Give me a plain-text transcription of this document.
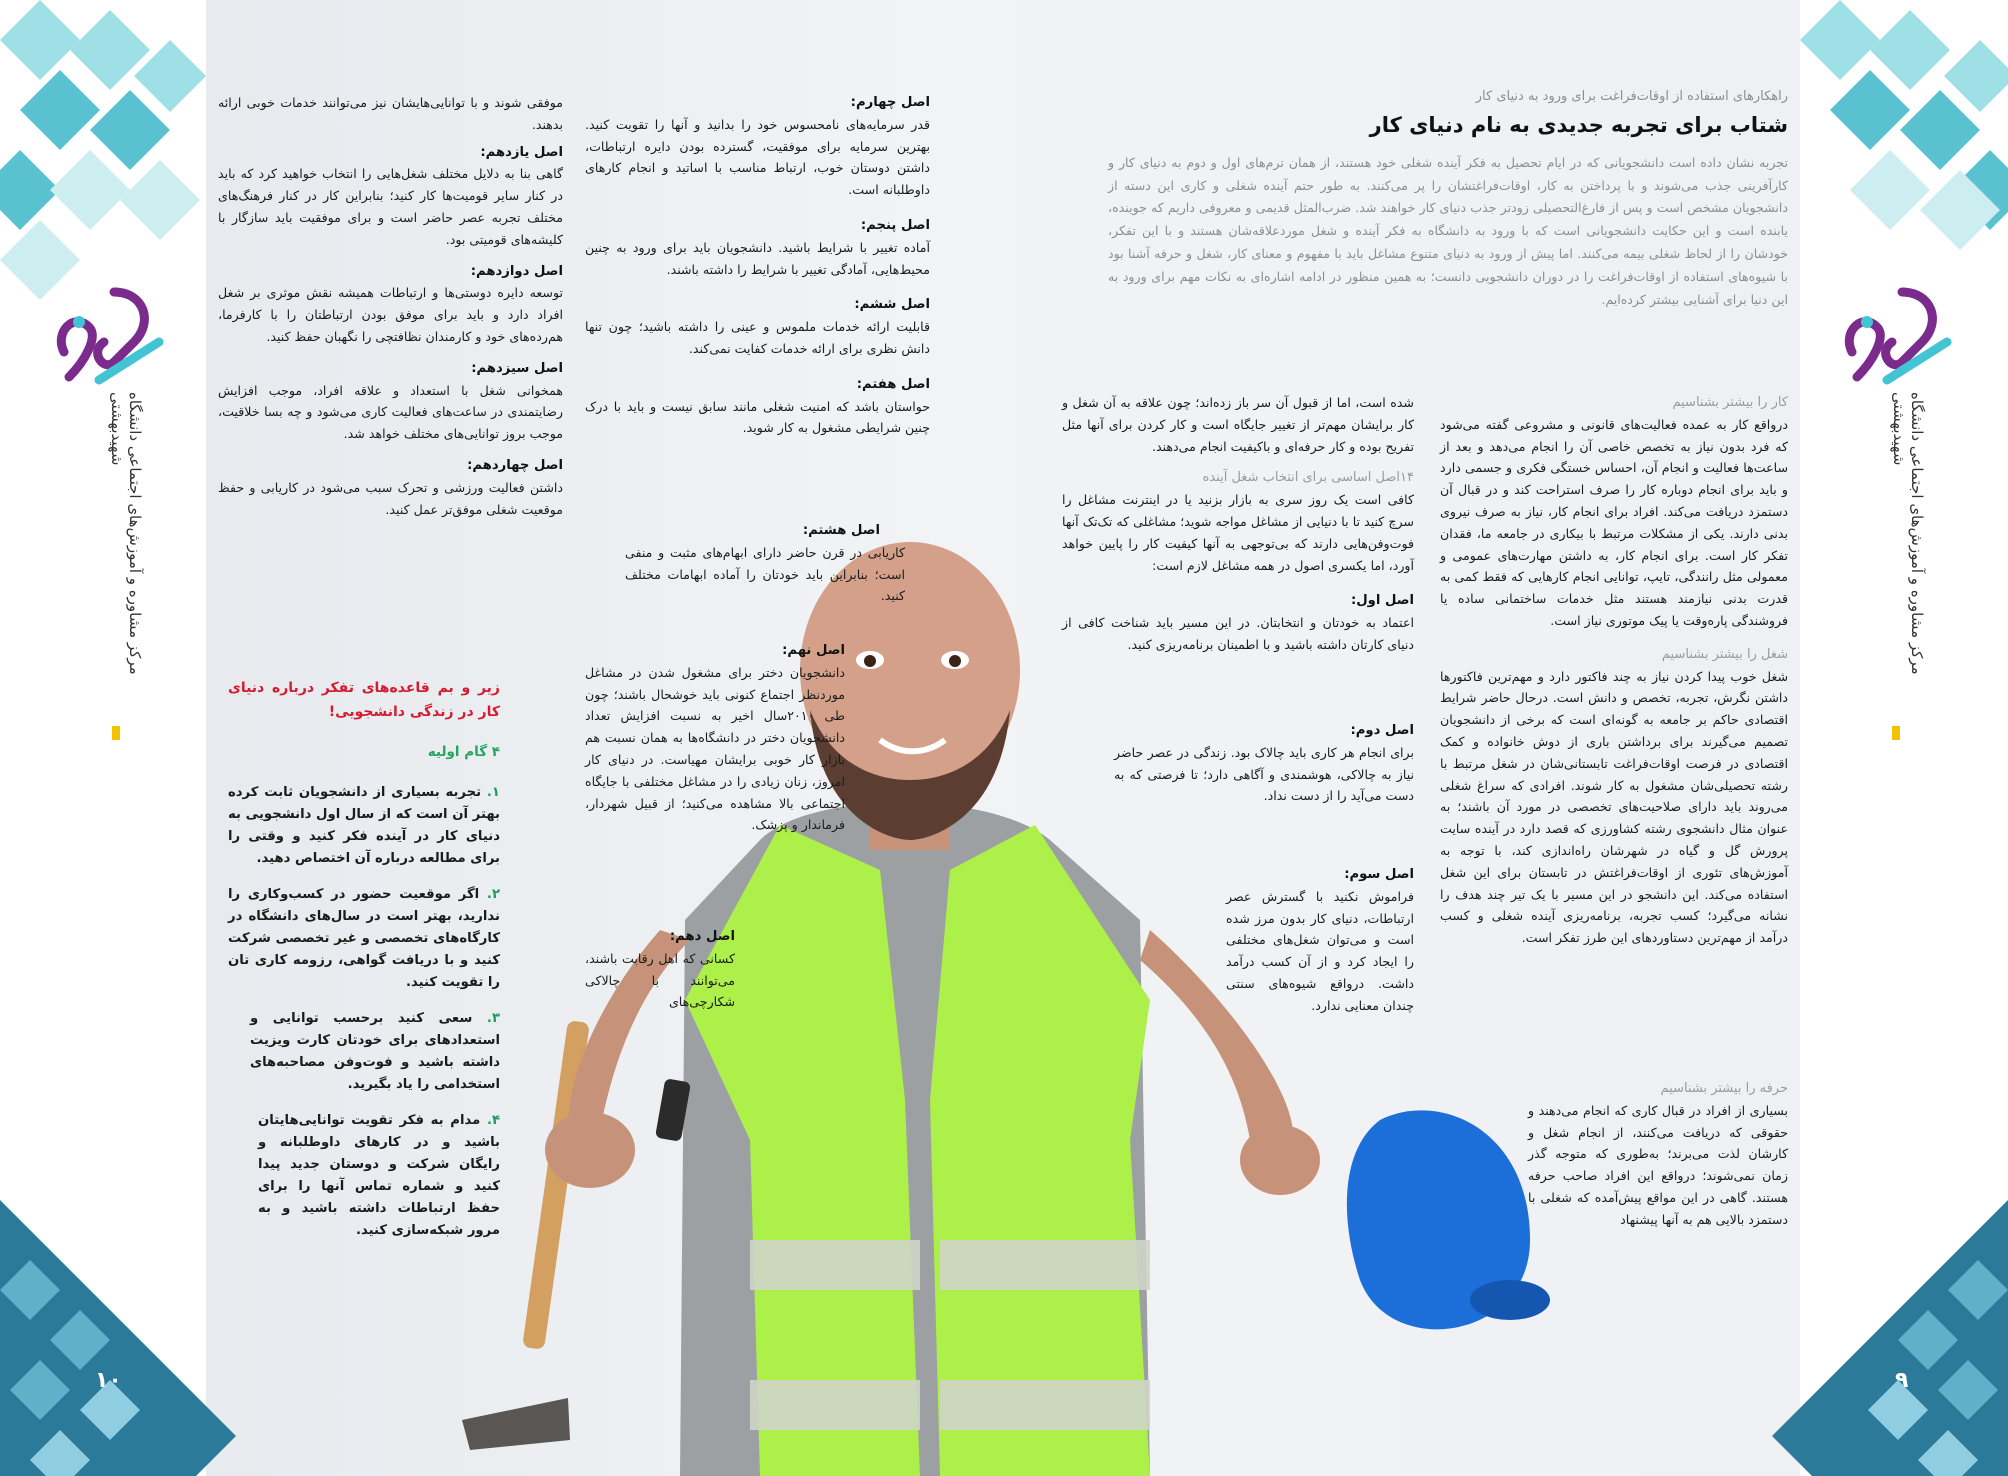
مرکز مشاوره و آموزش‌های اجتماعی دانشگاه شهیدبهشتی	مرکز مشاوره و آموزش‌های اجتماعی دانشگاه شهیدبهشتی
۱۰	۹

موفقی شوند و با توانایی‌هایشان نیز می‌توانند خدمات خوبی ارائه بدهند.

اصل یازدهم:

گاهی بنا به دلایل مختلف شغل‌هایی را انتخاب خواهید کرد که باید در کنار سایر قومیت‌ها کار کنید؛ بنابراین کار در کنار فرهنگ‌های مختلف تجربه عصر حاضر است و برای موفقیت باید سازگار با کلیشه‌های قومیتی بود.

اصل دوازدهم:

توسعه دایره دوستی‌ها و ارتباطات همیشه نقش موثری بر شغل افراد دارد و باید برای موفق بودن ارتباطتان را با کارفرما، هم‌رده‌های خود و کارمندان نظافتچی را نگهبان حفظ کنید.

اصل سیزدهم:

همخوانی شغل با استعداد و علاقه افراد، موجب افزایش رضایتمندی در ساعت‌های فعالیت کاری می‌شود و چه بسا خلاقیت، موجب بروز توانایی‌های مختلف خواهد شد.

اصل چهاردهم:

داشتن فعالیت ورزشی و تحرک سبب می‌شود در کاریابی و حفظ موقعیت شغلی موفق‌تر عمل کنید.

اصل چهارم:

قدر سرمایه‌های نامحسوس خود را بدانید و آنها را تقویت کنید. بهترین سرمایه برای موفقیت، گسترده بودن دایره ارتباطات، داشتن دوستان خوب، ارتباط مناسب با اساتید و انجام کارهای داوطلبانه است.

اصل پنجم:

آماده تغییر با شرایط باشید. دانشجویان باید برای ورود به چنین محیط‌هایی، آمادگی تغییر با شرایط را داشته باشند.

اصل ششم:

قابلیت ارائه خدمات ملموس و عینی را داشته باشید؛ چون تنها دانش نظری برای ارائه خدمات کفایت نمی‌کند.

اصل هفتم:

حواستان باشد که امنیت شغلی مانند سابق نیست و باید با درک چنین شرایطی مشغول به کار شوید.

اصل هشتم:

کاریابی در قرن حاضر دارای ابهام‌های مثبت و منفی است؛ بنابراین باید خودتان را آماده ابهامات مختلف کنید.

اصل نهم:

دانشجویان دختر برای مشغول شدن در مشاغل موردنظر اجتماع کنونی باید خوشحال باشند؛ چون طی ۲۰۱۰سال اخیر به نسبت افزایش تعداد دانشجویان دختر در دانشگاه‌ها به همان نسبت هم بازار کار خوبی برایشان مهیاست. در دنیای کار امروز، زنان زیادی را در مشاغل مختلفی با جایگاه اجتماعی بالا مشاهده می‌کنید؛ از قبیل شهردار، فرماندار و پزشک.

اصل دهم:

کسانی که اهل رقابت باشند، می‌توانند با چالاکی شکارچی‌های

زیر و بم قاعده‌های تفکر درباره دنیای کار در زندگی دانشجویی!
۴ گام اولیه

۱. تجربه بسیاری از دانشجویان ثابت کرده بهتر آن است که از سال اول دانشجویی به دنیای کار در آینده فکر کنید و وقتی را برای مطالعه درباره آن اختصاص دهید.

۲. اگر موقعیت حضور در کسب‌وکاری را ندارید، بهتر است در سال‌های دانشگاه در کارگاه‌های تخصصی و غیر تخصصی شرکت کنید و با دریافت گواهی، رزومه کاری تان را تقویت کنید.

۳. سعی کنید برحسب توانایی و استعدادهای برای خودتان کارت ویزیت داشته باشید و فوت‌وفن مصاحبه‌های استخدامی را یاد بگیرید.

۴. مدام به فکر تقویت توانایی‌هایتان باشید و در کارهای داوطلبانه و رایگان شرکت و دوستان جدید پیدا کنید و شماره تماس آنها را برای حفظ ارتباطات داشته باشید و به مرور شبکه‌سازی کنید.

راهکارهای استفاده از اوقات‌فراغت برای ورود به دنیای کار
شتاب برای تجربه جدیدی به نام دنیای کار

تجربه نشان داده است دانشجویانی که در ایام تحصیل به فکر آینده شغلی خود هستند، از همان ترم‌های اول و دوم به دنیای کار و کارآفرینی جذب می‌شوند و با پرداختن به کار، اوقات‌فراغتشان را پر می‌کنند. به طور حتم آینده شغلی و کاری این دسته از دانشجویان مشخص است و پس از فارغ‌التحصیلی زودتر جذب دنیای کار خواهند شد. ضرب‌المثل قدیمی و معروفی داریم که جوینده، یابنده است و این حکایت دانشجویانی است که با ورود به دانشگاه به فکر آینده و شغل موردعلاقه‌شان هستند و با این تفکر، خودشان را از لحاظ شغلی بیمه می‌کنند. اما پیش از ورود به دنیای متنوع مشاغل باید با مفهوم و معنای کار، شغل و حرفه آشنا بود با شیوه‌های استفاده از اوقات‌فراغت را در دوران دانشجویی دانست؛ به همین منظور در ادامه اشاره‌ای به نکات مهم برای ورود به این دنیا برای آشنایی بیشتر کرده‌ایم.

کار را بیشتر بشناسیم

درواقع کار به عمده فعالیت‌های قانونی و مشروعی گفته می‌شود که فرد بدون نیاز به تخصص خاصی آن را انجام می‌دهد و بعد از ساعت‌ها فعالیت و انجام آن، احساس خستگی فکری و جسمی دارد و باید برای انجام دوباره کار را صرف استراحت کند و در قبال آن دستمزد دریافت می‌کند. افراد برای انجام کار، نیاز به صرف نیروی بدنی دارند. یکی از مشکلات مرتبط با بیکاری در جامعه ما، فقدان تفکر کار است. برای انجام کار، به داشتن مهارت‌های عمومی و معمولی مثل رانندگی، تایپ، توانایی انجام کارهایی که فقط کمی به قدرت بدنی نیازمند هستند مثل خدمات ساختمانی ساده یا فروشندگی پاره‌وقت یا پیک موتوری نیاز است.

شغل را بیشتر بشناسیم

شغل خوب پیدا کردن نیاز به چند فاکتور دارد و مهم‌ترین فاکتورها داشتن نگرش، تجربه، تخصص و دانش است. درحال حاضر شرایط اقتصادی حاکم بر جامعه به گونه‌ای است که برخی از دانشجویان تصمیم می‌گیرند برای برداشتن باری از دوش خانواده و کمک اقتصادی در فرصت اوقات‌فراغت تابستانی‌شان در شغل مرتبط با رشته تحصیلی‌شان مشغول به کار شوند. افرادی که سراغ شغلی می‌روند باید دارای صلاحیت‌های تخصصی در مورد آن باشند؛ به عنوان مثال دانشجوی رشته کشاورزی که قصد دارد در آینده سایت پرورش گل و گیاه در شهرشان راه‌اندازی کند، با توجه به آموزش‌های تئوری از اوقات‌فراغتش در تابستان برای این شغل استفاده می‌کند. این دانشجو در این مسیر با یک تیر چند هدف را نشانه می‌گیرد؛ کسب تجربه، برنامه‌ریزی آینده شغلی و کسب درآمد از مهم‌ترین دستاوردهای این طرز تفکر است.

حرفه را بیشتر بشناسیم

بسیاری از افراد در قبال کاری که انجام می‌دهند و حقوقی که دریافت می‌کنند، از انجام شغل و کارشان لذت می‌برند؛ به‌طوری که متوجه گذر زمان نمی‌شوند؛ درواقع این افراد صاحب حرفه هستند. گاهی در این مواقع پیش‌آمده که شغلی با دستمزد بالایی هم به آنها پیشنهاد

شده است، اما از قبول آن سر باز زده‌اند؛ چون علاقه به آن شغل و کار برایشان مهم‌تر از تغییر جایگاه است و کار کردن برای آنها مثل تفریح بوده و کار حرفه‌ای و باکیفیت انجام می‌دهند.

۱۴اصل اساسی برای انتخاب شغل آینده

کافی است یک روز سری به بازار بزنید یا در اینترنت مشاغل را سرچ کنید تا با دنیایی از مشاغل مواجه شوید؛ مشاغلی که تک‌تک آنها فوت‌وفن‌هایی دارند که بی‌توجهی به آنها کیفیت کار را پایین خواهد آورد، اما یکسری اصول در همه مشاغل لازم است:

اصل اول:

اعتماد به خودتان و انتخابتان. در این مسیر باید شناخت کافی از دنیای کارتان داشته باشید و با اطمینان برنامه‌ریزی کنید.

اصل دوم:

برای انجام هر کاری باید چالاک بود. زندگی در عصر حاضر نیاز به چالاکی، هوشمندی و آگاهی دارد؛ تا فرصتی که به دست می‌آید را از دست نداد.

اصل سوم:

فراموش نکنید با گسترش عصر ارتباطات، دنیای کار بدون مرز شده است و می‌توان شغل‌های مختلفی را ایجاد کرد و از آن کسب درآمد داشت. درواقع شیوه‌های سنتی چندان معنایی ندارد.
